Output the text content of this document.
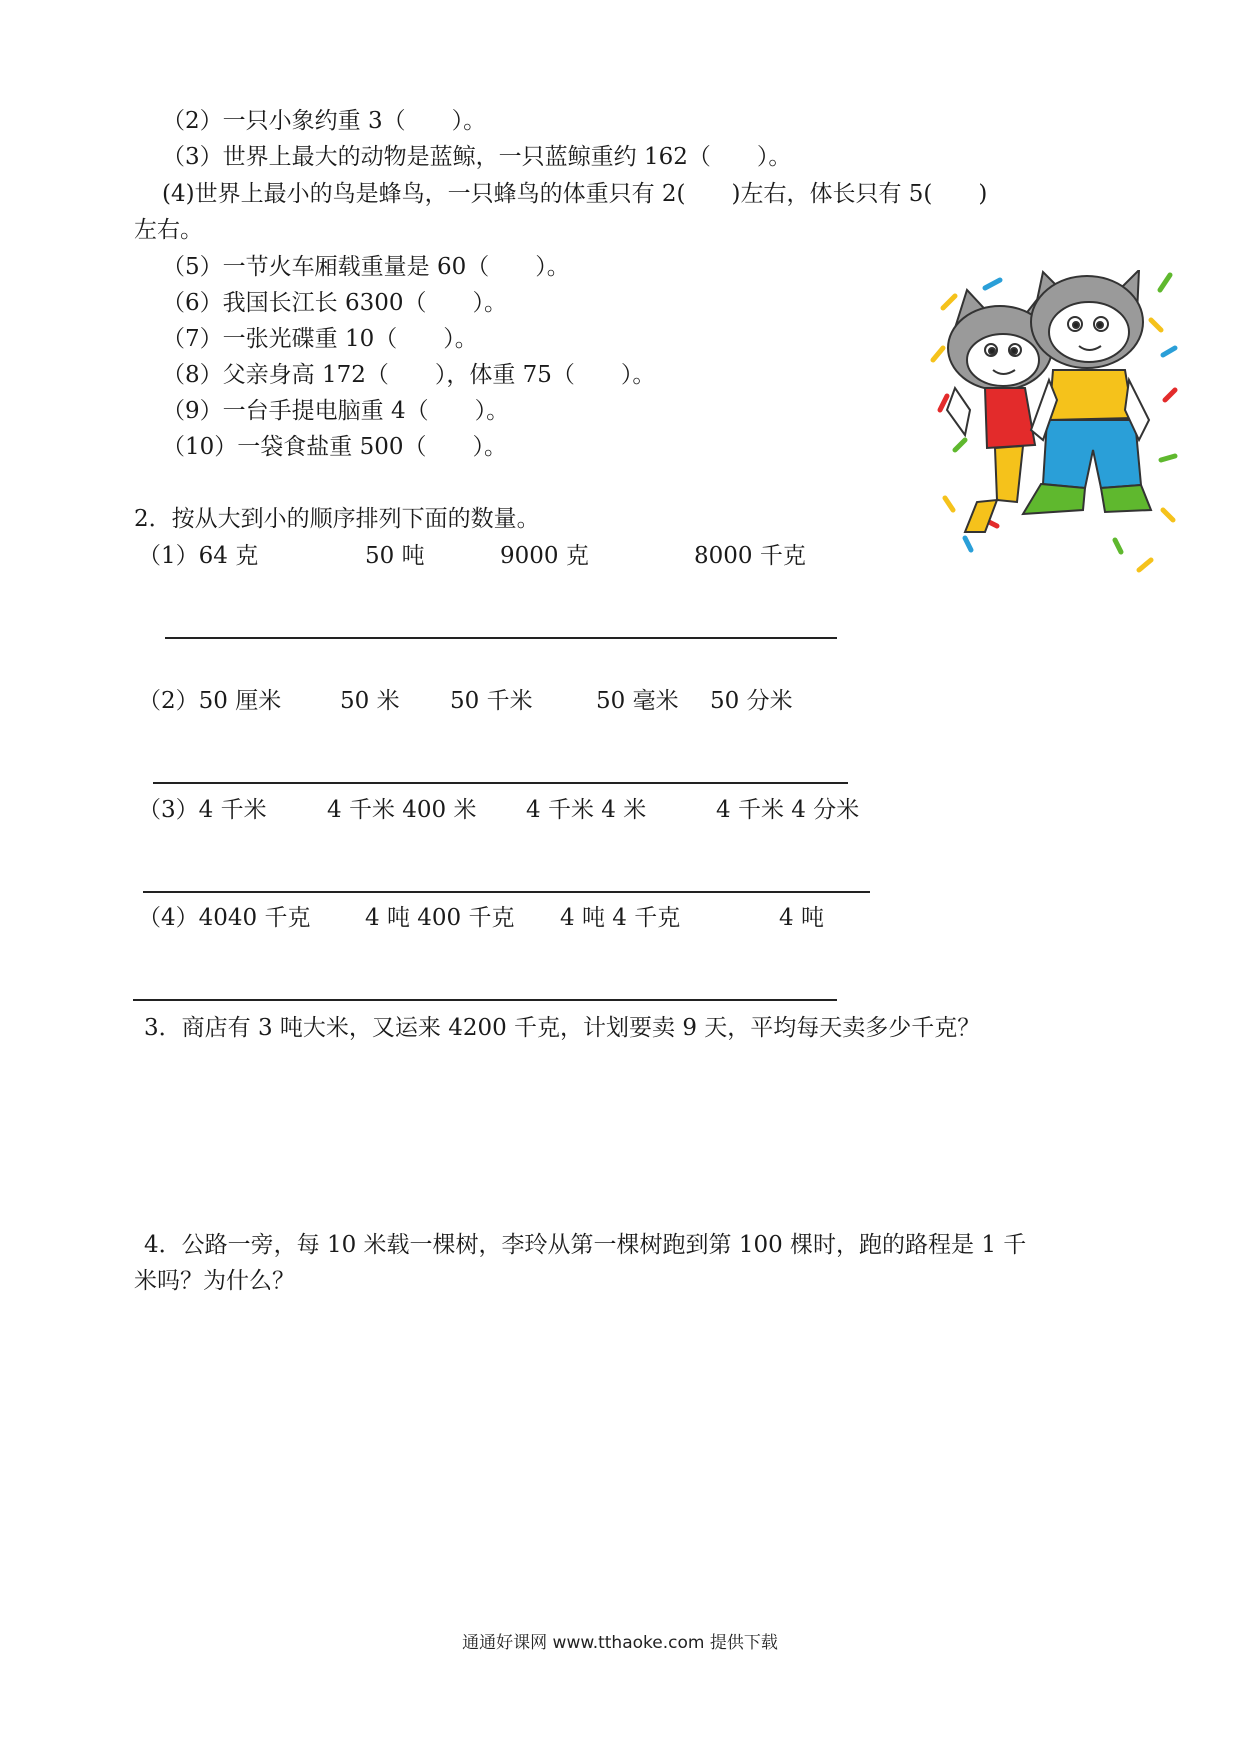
（2）一只小象约重 3（　　）。
（3）世界上最大的动物是蓝鲸，一只蓝鲸重约 162（　　）。
(4)世界上最小的鸟是蜂鸟，一只蜂鸟的体重只有 2(　　)左右，体长只有 5(　　)
左右。
（5）一节火车厢载重量是 60（　　）。
（6）我国长江长 6300（　　）。
（7）一张光碟重 10（　　）。
（8）父亲身高 172（　　），体重 75（　　）。
（9）一台手提电脑重 4（　　）。
（10）一袋食盐重 500（　　）。
2．按从大到小的顺序排列下面的数量。
（1）64 克	50 吨	9000 克	8000 千克
（2）50 厘米	50 米 50 千米	50 毫米 50 分米
（3）4 千米	4 千米 400 米 4 千米 4 米	4 千米 4 分米
（4）4040 千克 4 吨 400 千克 4 吨 4 千克	4 吨
3．商店有 3 吨大米，又运来 4200 千克，计划要卖 9 天，平均每天卖多少千克？
4．公路一旁，每 10 米载一棵树，李玲从第一棵树跑到第 100 棵时，跑的路程是 1 千
米吗？为什么？
通通好课网 www.tthaoke.com 提供下载
